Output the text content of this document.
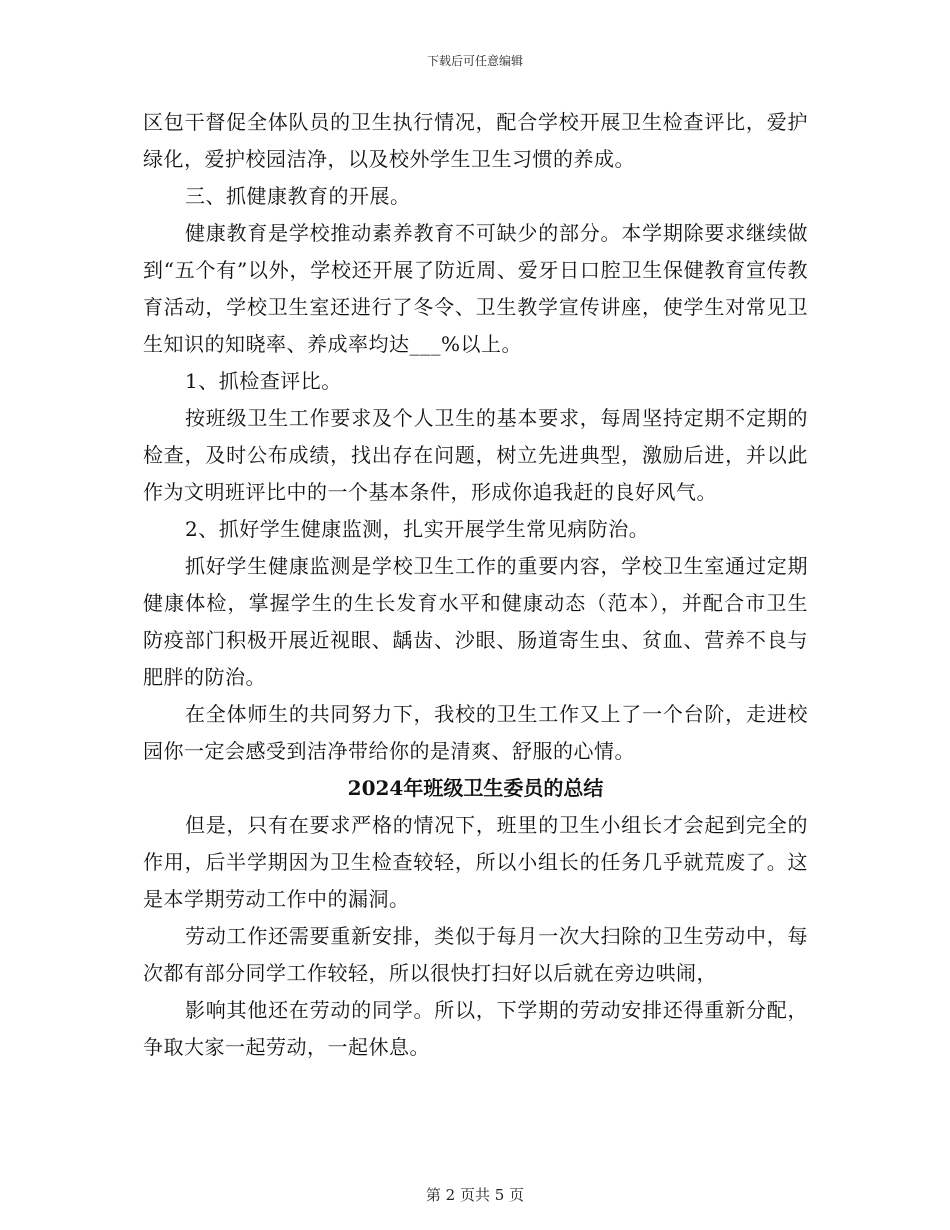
下载后可任意编辑

区包干督促全体队员的卫生执行情况，配合学校开展卫生检查评比，爱护绿化，爱护校园洁净，以及校外学生卫生习惯的养成。

三、抓健康教育的开展。

健康教育是学校推动素养教育不可缺少的部分。本学期除要求继续做到“五个有”以外，学校还开展了防近周、爱牙日口腔卫生保健教育宣传教育活动，学校卫生室还进行了冬令、卫生教学宣传讲座，使学生对常见卫生知识的知晓率、养成率均达___%以上。

1、抓检查评比。

按班级卫生工作要求及个人卫生的基本要求，每周坚持定期不定期的检查，及时公布成绩，找出存在问题，树立先进典型，激励后进，并以此作为文明班评比中的一个基本条件，形成你追我赶的良好风气。

2、抓好学生健康监测，扎实开展学生常见病防治。

抓好学生健康监测是学校卫生工作的重要内容，学校卫生室通过定期健康体检，掌握学生的生长发育水平和健康动态（范本），并配合市卫生防疫部门积极开展近视眼、龋齿、沙眼、肠道寄生虫、贫血、营养不良与肥胖的防治。

在全体师生的共同努力下，我校的卫生工作又上了一个台阶，走进校园你一定会感受到洁净带给你的是清爽、舒服的心情。

2024年班级卫生委员的总结

但是，只有在要求严格的情况下，班里的卫生小组长才会起到完全的作用，后半学期因为卫生检查较轻，所以小组长的任务几乎就荒废了。这是本学期劳动工作中的漏洞。

劳动工作还需要重新安排，类似于每月一次大扫除的卫生劳动中，每次都有部分同学工作较轻，所以很快打扫好以后就在旁边哄闹，

影响其他还在劳动的同学。所以，下学期的劳动安排还得重新分配，争取大家一起劳动，一起休息。

第 2 页共 5 页
